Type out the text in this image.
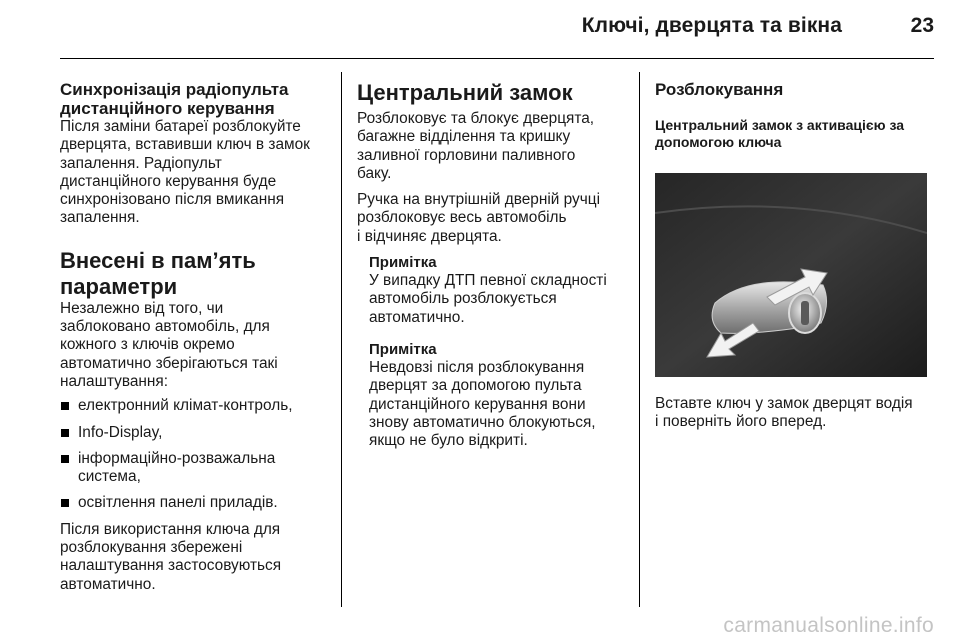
Ключі, дверцята та вікна	23

Синхронізація радіопульта
дистанційного керування

Після заміни батареї розблокуйте
дверцята, вставивши ключ в замок
запалення. Радіопульт
дистанційного керування буде
синхронізовано після вмикання
запалення.

Внесені в пам’ять
параметри

Незалежно від того, чи
заблоковано автомобіль, для
кожного з ключів окремо
автоматично зберігаються такі
налаштування:

електронний клімат-контроль,
Info-Display,
інформаційно-розважальна
система,
освітлення панелі приладів.

Після використання ключа для
розблокування збережені
налаштування застосовуються
автоматично.

Центральний замок

Розблоковує та блокує дверцята,
багажне відділення та кришку
заливної горловини паливного
баку.

Ручка на внутрішній дверній ручці
розблоковує весь автомобіль
і відчиняє дверцята.

Примітка

У випадку ДТП певної складності
автомобіль розблокується
автоматично.

Примітка

Невдовзі після розблокування
дверцят за допомогою пульта
дистанційного керування вони
знову автоматично блокуються,
якщо не було відкриті.

Розблокування

Центральний замок з активацією за
допомогою ключа

Вставте ключ у замок дверцят водія
і поверніть його вперед.

carmanualsonline.info
